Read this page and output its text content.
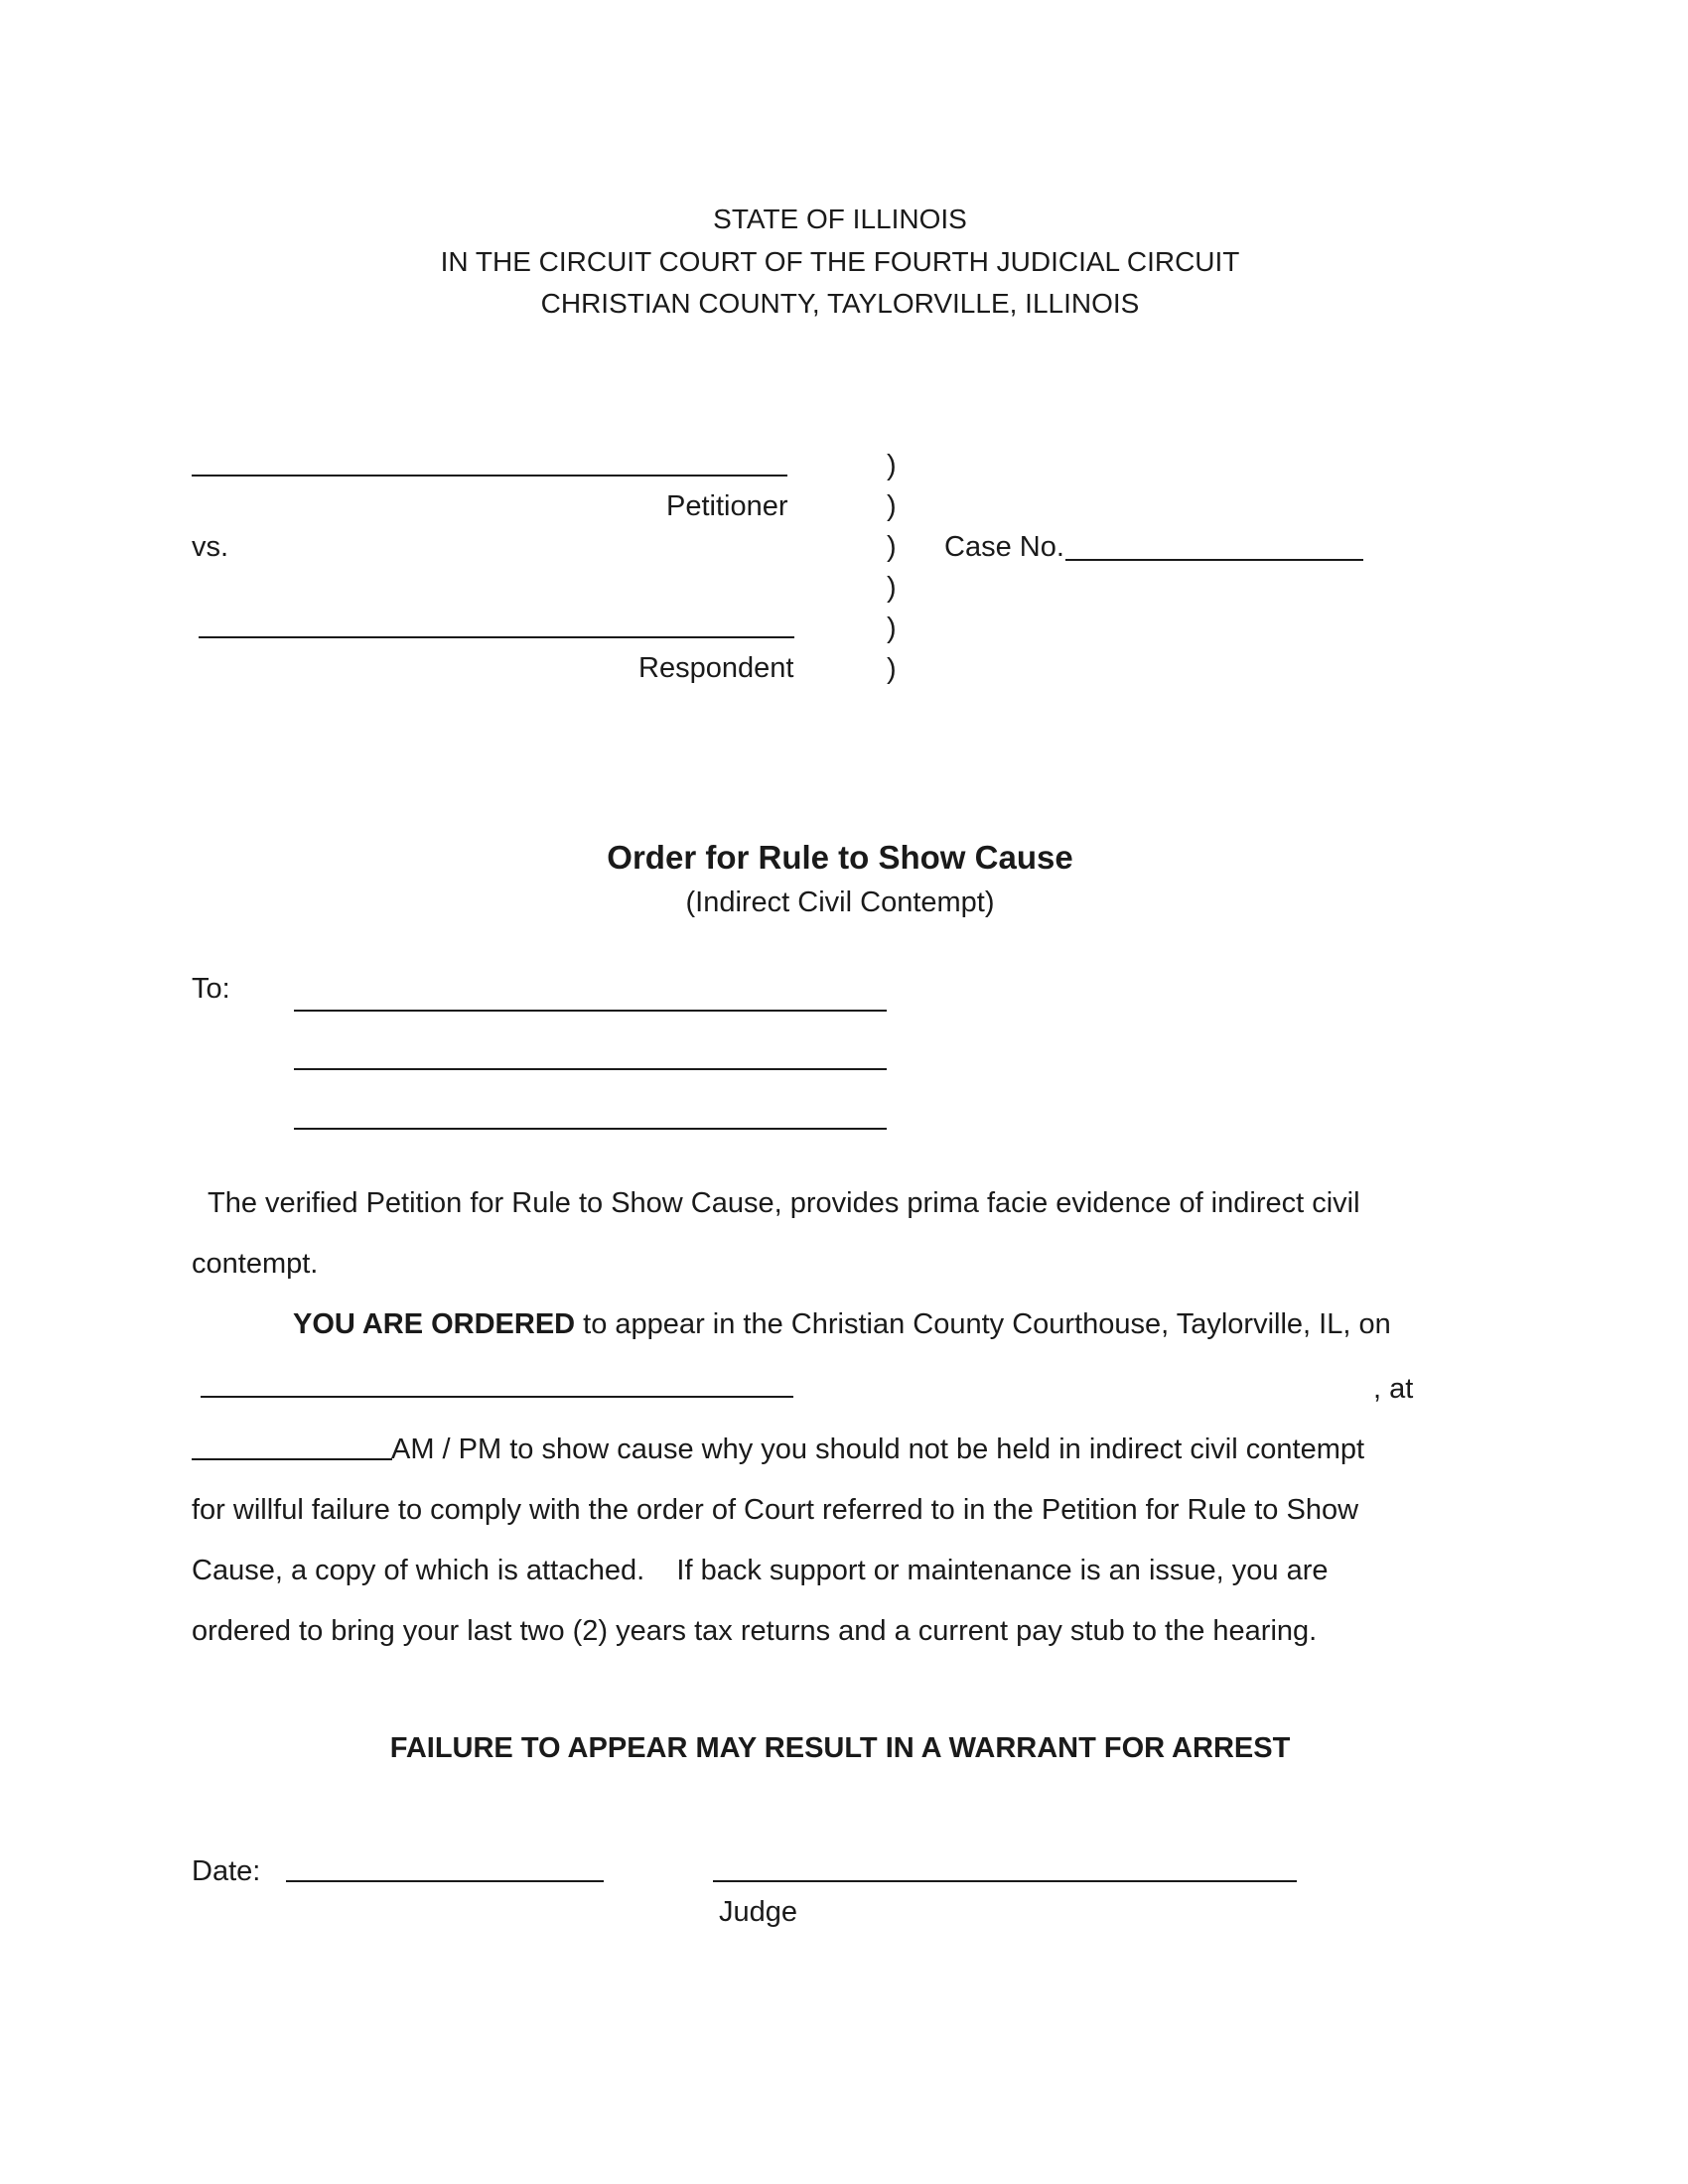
STATE OF ILLINOIS
IN THE CIRCUIT COURT OF THE FOURTH JUDICIAL CIRCUIT
CHRISTIAN COUNTY, TAYLORVILLE, ILLINOIS
Petitioner
vs.
Respondent
)
)
)
)
)
)
Case No.
Order for Rule to Show Cause
(Indirect Civil Contempt)
To:
The verified Petition for Rule to Show Cause, provides prima facie evidence of indirect civil
contempt.
YOU ARE ORDERED to appear in the Christian County Courthouse, Taylorville, IL, on
, at
AM / PM to show cause why you should not be held in indirect civil contempt
for willful failure to comply with the order of Court referred to in the Petition for Rule to Show
Cause, a copy of which is attached.    If back support or maintenance is an issue, you are
ordered to bring your last two (2) years tax returns and a current pay stub to the hearing.
FAILURE TO APPEAR MAY RESULT IN A WARRANT FOR ARREST
Date:
Judge
